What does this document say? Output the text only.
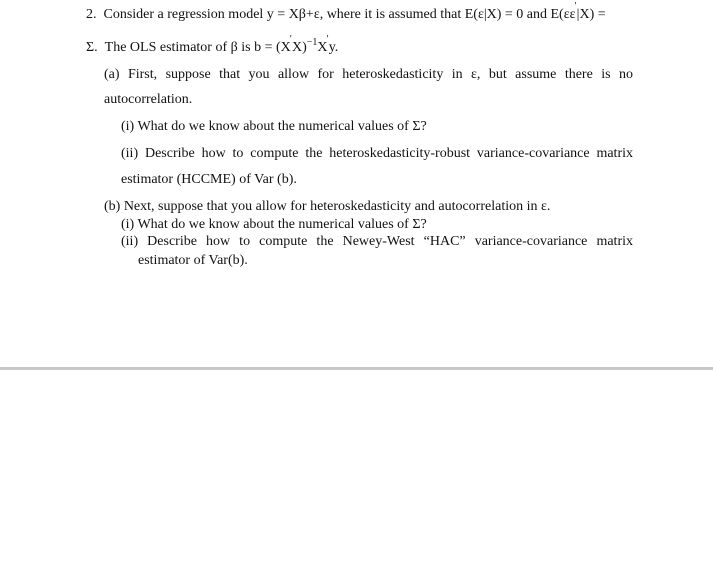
2. Consider a regression model y = Xβ+ε, where it is assumed that E(ε|X) = 0 and E(εε′|X) =
Σ. The OLS estimator of β is $b = (X'X)^{-1}X'y$.
(a) First, suppose that you allow for heteroskedasticity in ε, but assume there is no
autocorrelation.
(i) What do we know about the numerical values of Σ?
(ii) Describe how to compute the heteroskedasticity-robust variance-covariance matrix
estimator (HCCME) of Var (b).
(b) Next, suppose that you allow for heteroskedasticity and autocorrelation in ε.
(i) What do we know about the numerical values of Σ?
(ii) Describe how to compute the Newey-West “HAC” variance-covariance matrix
estimator of Var(b).
